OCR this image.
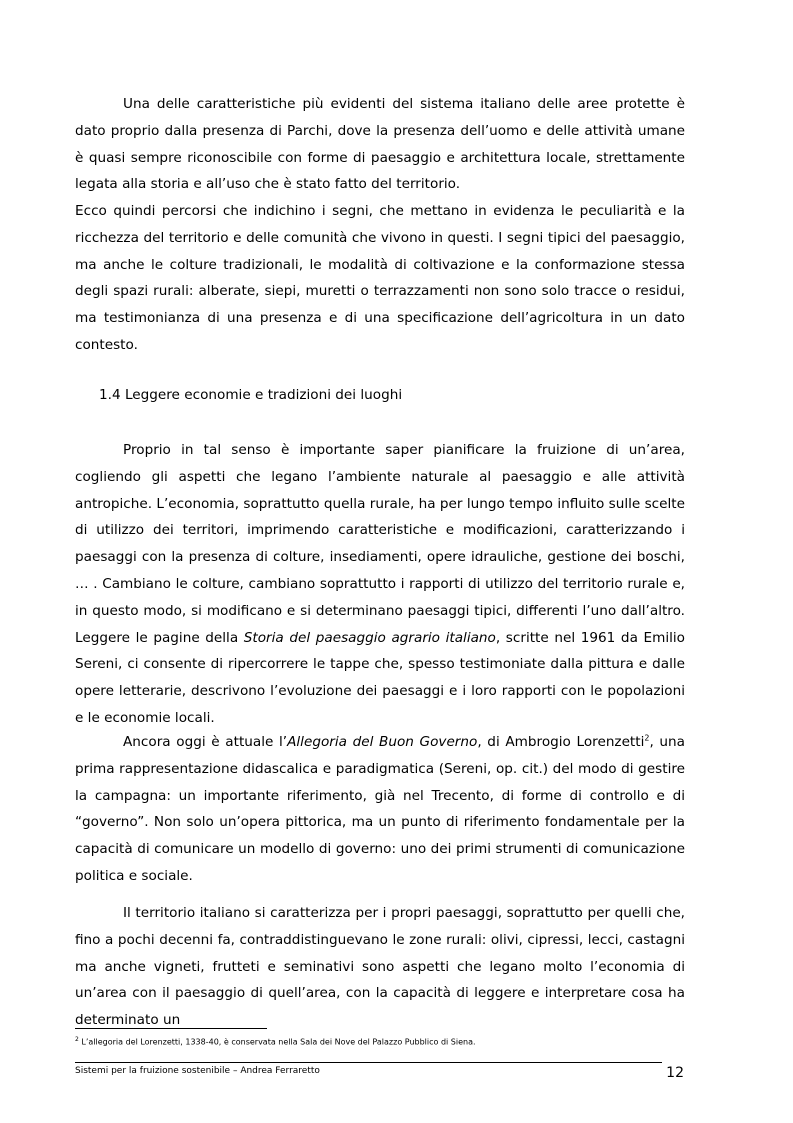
Una delle caratteristiche più evidenti del sistema italiano delle aree protette è dato proprio dalla presenza di Parchi, dove la presenza dell’uomo e delle attività umane è quasi sempre riconoscibile con forme di paesaggio e architettura locale, strettamente legata alla storia e all’uso che è stato fatto del territorio.

Ecco quindi percorsi che indichino i segni, che mettano in evidenza le peculiarità e la ricchezza del territorio e delle comunità che vivono in questi. I segni tipici del paesaggio, ma anche le colture tradizionali, le modalità di coltivazione e la conformazione stessa degli spazi rurali: alberate, siepi, muretti o terrazzamenti non sono solo tracce o residui, ma testimonianza di una presenza e di una specificazione dell’agricoltura in un dato contesto.

1.4 Leggere economie e tradizioni dei luoghi

Proprio in tal senso è importante saper pianificare la fruizione di un’area, cogliendo gli aspetti che legano l’ambiente naturale al paesaggio e alle attività antropiche. L’economia, soprattutto quella rurale, ha per lungo tempo influito sulle scelte di utilizzo dei territori, imprimendo caratteristiche e modificazioni, caratterizzando i paesaggi con la presenza di colture, insediamenti, opere idrauliche, gestione dei boschi, … . Cambiano le colture, cambiano soprattutto i rapporti di utilizzo del territorio rurale e, in questo modo, si modificano e si determinano paesaggi tipici, differenti l’uno dall’altro. Leggere le pagine della Storia del paesaggio agrario italiano, scritte nel 1961 da Emilio Sereni, ci consente di ripercorrere le tappe che, spesso testimoniate dalla pittura e dalle opere letterarie, descrivono l’evoluzione dei paesaggi e i loro rapporti con le popolazioni e le economie locali.

Ancora oggi è attuale l’Allegoria del Buon Governo, di Ambrogio Lorenzetti$^2$, una prima rappresentazione didascalica e paradigmatica (Sereni, op. cit.) del modo di gestire la campagna: un importante riferimento, già nel Trecento, di forme di controllo e di “governo”. Non solo un’opera pittorica, ma un punto di riferimento fondamentale per la capacità di comunicare un modello di governo: uno dei primi strumenti di comunicazione politica e sociale.

Il territorio italiano si caratterizza per i propri paesaggi, soprattutto per quelli che, fino a pochi decenni fa, contraddistinguevano le zone rurali: olivi, cipressi, lecci, castagni ma anche vigneti, frutteti e seminativi sono aspetti che legano molto l’economia di un’area con il paesaggio di quell’area, con la capacità di leggere e interpretare cosa ha determinato un

$^2$ L’allegoria del Lorenzetti, 1338-40, è conservata nella Sala dei Nove del Palazzo Pubblico di Siena.

Sistemi per la fruizione sostenibile – Andrea Ferraretto	12
